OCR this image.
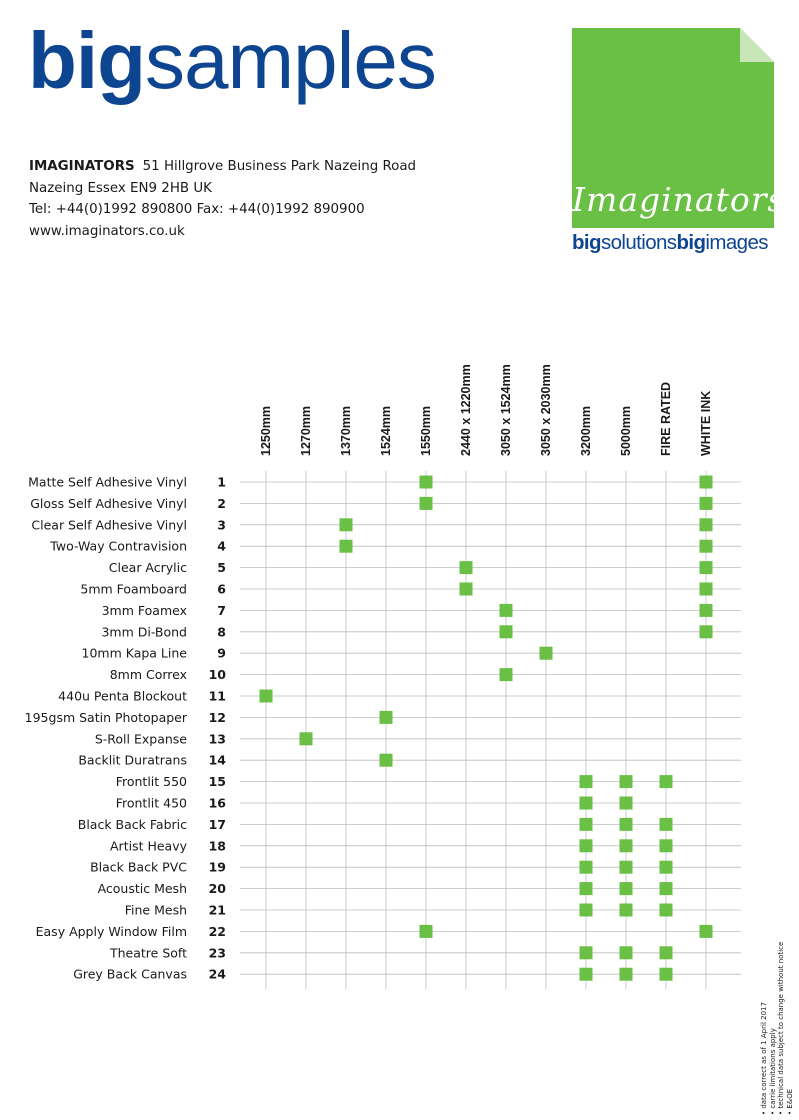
bigsamples
IMAGINATORS 51 Hillgrove Business Park Nazeing Road
Nazeing Essex EN9 2HB UK
Tel: +44(0)1992 890800 Fax: +44(0)1992 890900
www.imaginators.co.uk
Imaginators
bigsolutionsbigimages
1250mm 1270mm 1370mm 1524mm 1550mm 2440 x 1220mm 3050 x 1524mm 3050 x 2030mm 3200mm 5000mm FIRE RATED WHITE INK
Matte Self Adhesive Vinyl 1
Gloss Self Adhesive Vinyl 2
Clear Self Adhesive Vinyl 3
Two-Way Contravision 4
Clear Acrylic 5
5mm Foamboard 6
3mm Foamex 7
3mm Di-Bond 8
10mm Kapa Line 9
8mm Correx 10
440u Penta Blockout 11
195gsm Satin Photopaper 12
S-Roll Expanse 13
Backlit Duratrans 14
Frontlit 550 15
Frontlit 450 16
Black Back Fabric 17
Artist Heavy 18
Black Back PVC 19
Acoustic Mesh 20
Fine Mesh 21
Easy Apply Window Film 22
Theatre Soft 23
Grey Back Canvas 24
• data correct as of 1 April 2017 • carrie limitations apply • technical data subject to change without notice • E&OE
